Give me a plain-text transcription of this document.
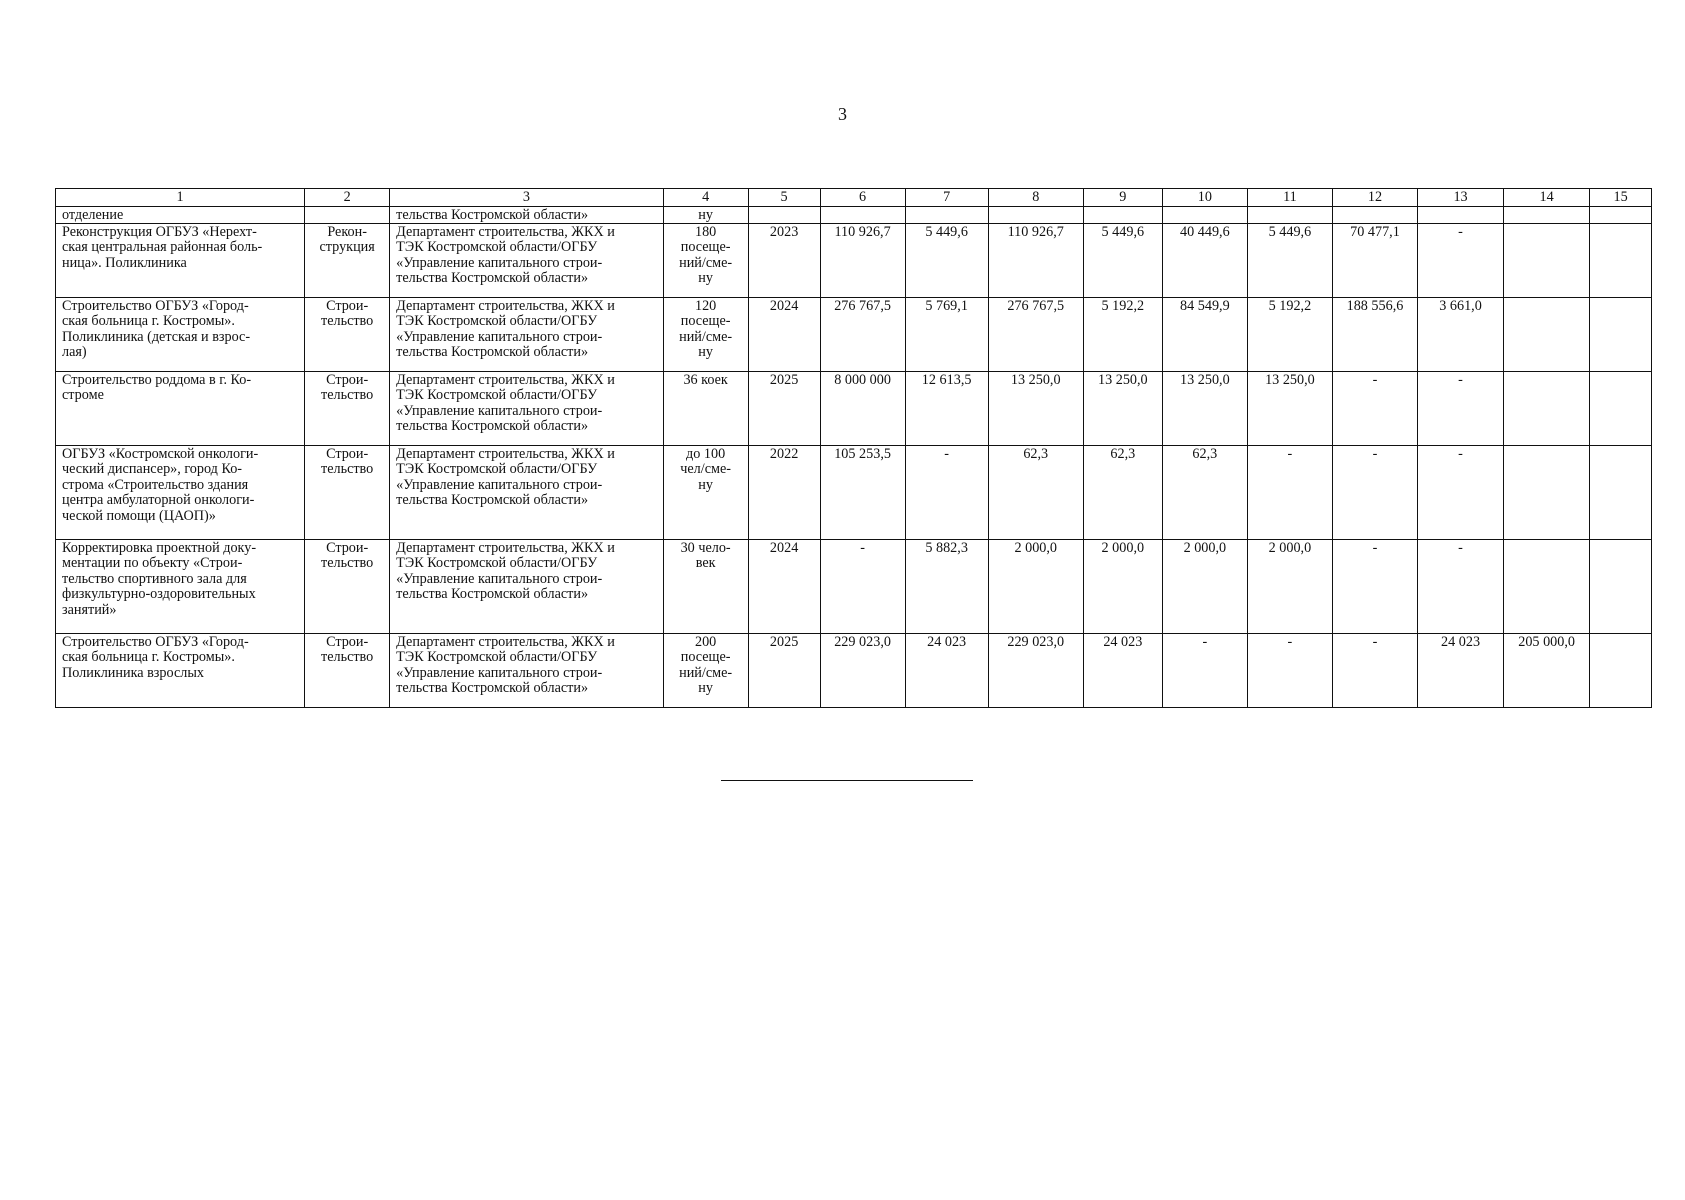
3
1	2	3	4	5	6	7	8	9	10	11	12	13	14	15
отделение		тельства Костромской области»	ну											

Реконструкция ОГБУЗ «Нерехт-
ская центральная районная боль-
ница». Поликлиника	Рекон-
струкция	Департамент строительства, ЖКХ и
ТЭК Костромской области/ОГБУ
«Управление капитального строи-
тельства Костромской области»	180
посеще-
ний/сме-
ну	2023	110 926,7	5 449,6	110 926,7	5 449,6	40 449,6	5 449,6	70 477,1	-		

Строительство ОГБУЗ «Город-
ская больница г. Костромы».
Поликлиника (детская и взрос-
лая)	Строи-
тельство	Департамент строительства, ЖКХ и
ТЭК Костромской области/ОГБУ
«Управление капитального строи-
тельства Костромской области»	120
посеще-
ний/сме-
ну	2024	276 767,5	5 769,1	276 767,5	5 192,2	84 549,9	5 192,2	188 556,6	3 661,0		

Строительство роддома в г. Ко-
строме	Строи-
тельство	Департамент строительства, ЖКХ и
ТЭК Костромской области/ОГБУ
«Управление капитального строи-
тельства Костромской области»	36 коек	2025	8 000 000	12 613,5	13 250,0	13 250,0	13 250,0	13 250,0	-	-		

ОГБУЗ «Костромской онкологи-
ческий диспансер», город Ко-
строма «Строительство здания
центра амбулаторной онкологи-
ческой помощи (ЦАОП)»	Строи-
тельство	Департамент строительства, ЖКХ и
ТЭК Костромской области/ОГБУ
«Управление капитального строи-
тельства Костромской области»	до 100
чел/сме-
ну	2022	105 253,5	-	62,3	62,3	62,3	-	-	-		

Корректировка проектной доку-
ментации по объекту «Строи-
тельство спортивного зала для
физкультурно-оздоровительных
занятий»	Строи-
тельство	Департамент строительства, ЖКХ и
ТЭК Костромской области/ОГБУ
«Управление капитального строи-
тельства Костромской области»	30 чело-
век	2024	-	5 882,3	2 000,0	2 000,0	2 000,0	2 000,0	-	-		

Строительство ОГБУЗ «Город-
ская больница г. Костромы».
Поликлиника взрослых	Строи-
тельство	Департамент строительства, ЖКХ и
ТЭК Костромской области/ОГБУ
«Управление капитального строи-
тельства Костромской области»	200
посеще-
ний/сме-
ну	2025	229 023,0	24 023	229 023,0	24 023	-	-	-	24 023	205 000,0	
